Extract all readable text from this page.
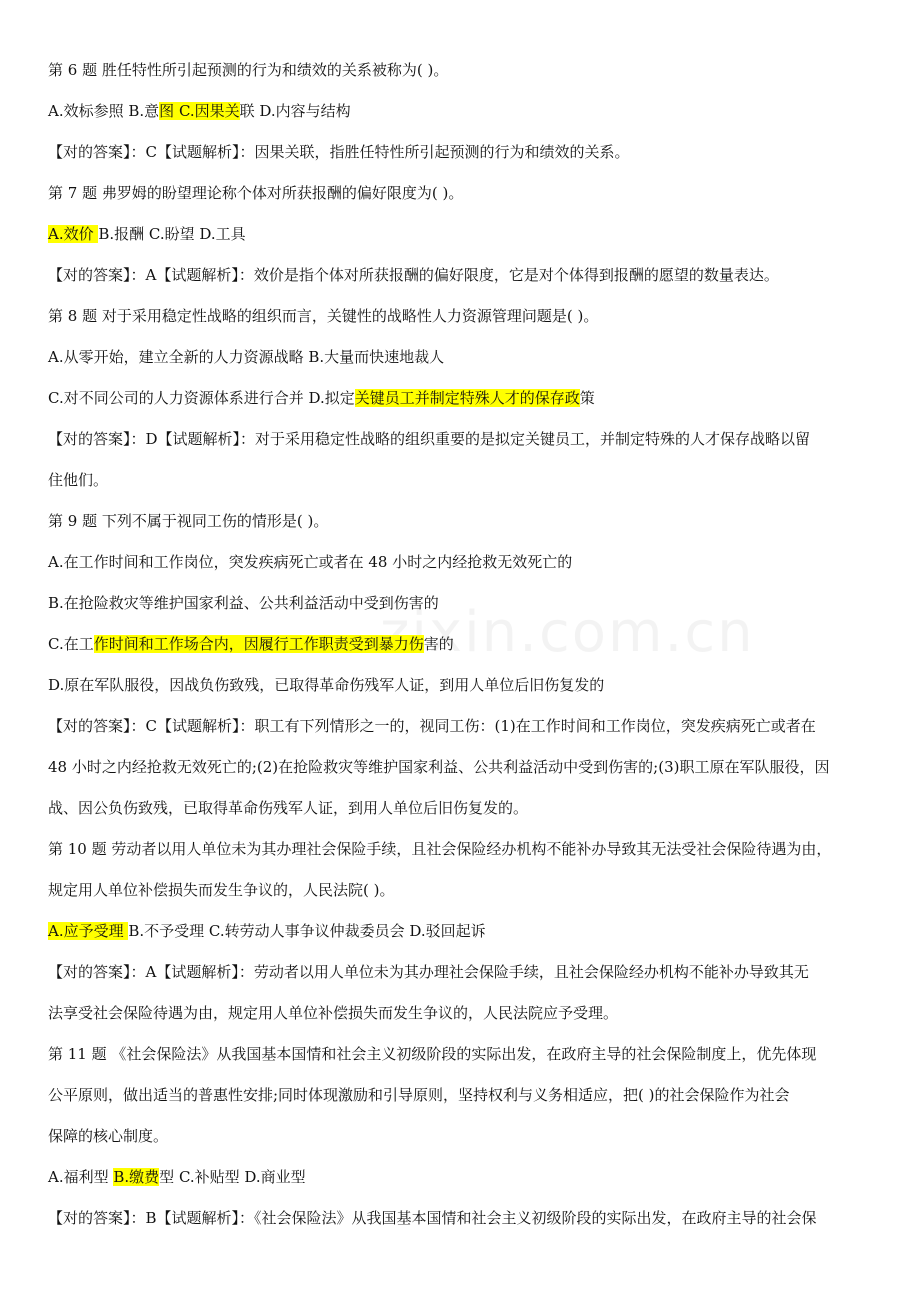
第 6 题 胜任特性所引起预测的行为和绩效的关系被称为( )。
A.效标参照 B.意图 C.因果关联 D.内容与结构
【对的答案】：C【试题解析】：因果关联，指胜任特性所引起预测的行为和绩效的关系。
第 7 题 弗罗姆的盼望理论称个体对所获报酬的偏好限度为( )。
A.效价 B.报酬 C.盼望 D.工具
【对的答案】：A【试题解析】：效价是指个体对所获报酬的偏好限度，它是对个体得到报酬的愿望的数量表达。
第 8 题 对于采用稳定性战略的组织而言，关键性的战略性人力资源管理问题是( )。
A.从零开始，建立全新的人力资源战略 B.大量而快速地裁人
C.对不同公司的人力资源体系进行合并 D.拟定关键员工并制定特殊人才的保存政策
【对的答案】：D【试题解析】：对于采用稳定性战略的组织重要的是拟定关键员工，并制定特殊的人才保存战略以留
住他们。
第 9 题 下列不属于视同工伤的情形是( )。
A.在工作时间和工作岗位，突发疾病死亡或者在 48 小时之内经抢救无效死亡的
B.在抢险救灾等维护国家利益、公共利益活动中受到伤害的
C.在工作时间和工作场合内，因履行工作职责受到暴力伤害的
D.原在军队服役，因战负伤致残，已取得革命伤残军人证，到用人单位后旧伤复发的
【对的答案】：C【试题解析】：职工有下列情形之一的，视同工伤：(1)在工作时间和工作岗位，突发疾病死亡或者在
48 小时之内经抢救无效死亡的;(2)在抢险救灾等维护国家利益、公共利益活动中受到伤害的;(3)职工原在军队服役，因
战、因公负伤致残，已取得革命伤残军人证，到用人单位后旧伤复发的。
第 10 题 劳动者以用人单位未为其办理社会保险手续，且社会保险经办机构不能补办导致其无法受社会保险待遇为由，
规定用人单位补偿损失而发生争议的，人民法院( )。
A.应予受理 B.不予受理 C.转劳动人事争议仲裁委员会 D.驳回起诉
【对的答案】：A【试题解析】：劳动者以用人单位未为其办理社会保险手续，且社会保险经办机构不能补办导致其无
法享受社会保险待遇为由，规定用人单位补偿损失而发生争议的，人民法院应予受理。
第 11 题 《社会保险法》从我国基本国情和社会主义初级阶段的实际出发，在政府主导的社会保险制度上，优先体现
公平原则，做出适当的普惠性安排;同时体现激励和引导原则，坚持权利与义务相适应，把( )的社会保险作为社会
保障的核心制度。
A.福利型 B.缴费型 C.补贴型 D.商业型
【对的答案】：B【试题解析】：《社会保险法》从我国基本国情和社会主义初级阶段的实际出发，在政府主导的社会保
